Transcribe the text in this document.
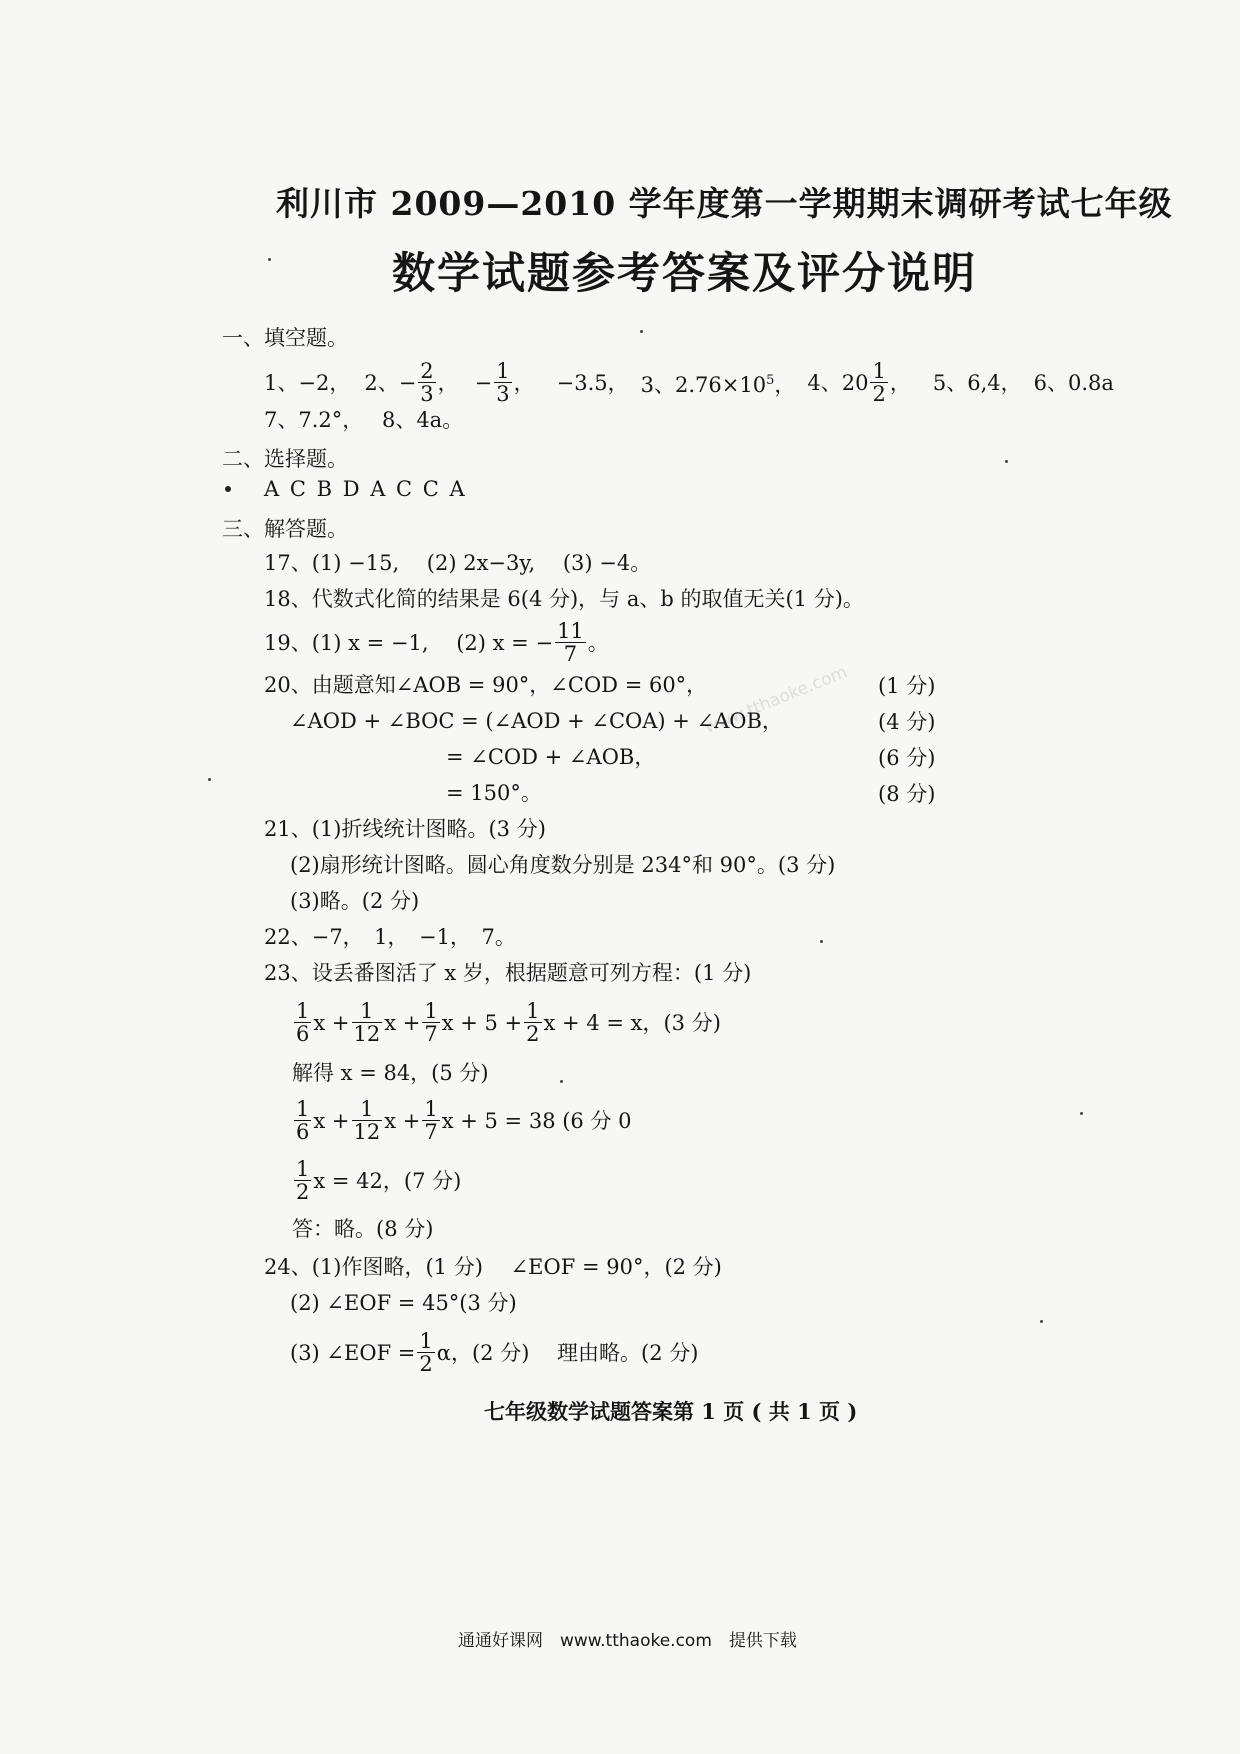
www.tthaoke.com
利川市 2009—2010 学年度第一学期期末调研考试七年级
数学试题参考答案及评分说明
一、填空题。
1、−2， 2、− $\frac{2}{3}$ ， − $\frac{1}{3}$ ， −3.5， 3、$2.76\times 10^5$， 4、$20 \frac{1}{2}$ ， 5、6,4， 6、0.8a
7、7.2°， 8、4a。
二、选择题。
A C B D A C C A
三、解答题。
17、(1) −15,　 (2) 2x−3y,　 (3) −4。
18、代数式化简的结果是 6(4 分)，与 a、b 的取值无关(1 分)。
19、(1) x = −1,　 (2) x = − $\frac{11}{7}$ 。
20、由题意知∠AOB = 90°，∠COD = 60°，	(1 分)
∠AOD + ∠BOC = (∠AOD + ∠COA) + ∠AOB，	(4 分)
= ∠COD + ∠AOB，	(6 分)
= 150°。	(8 分)
21、(1)折线统计图略。(3 分)
(2)扇形统计图略。圆心角度数分别是 234°和 90°。(3 分)
(3)略。(2 分)
22、−7，　1，　−1，　7。
23、设丢番图活了 x 岁，根据题意可列方程：(1 分)
$\frac{1}{6}$ $x + \frac{1}{12}$ $x + \frac{1}{7}$ $x + 5 + \frac{1}{2}$ x + 4 = x，(3 分)
解得 x = 84，(5 分)
$\frac{1}{6}$ $x + \frac{1}{12}$ $x + \frac{1}{7}$ x + 5 = 38 (6 分 0
$\frac{1}{2}$ x = 42，(7 分)
答：略。(8 分)
24、(1)作图略，(1 分)　 ∠EOF = 90°，(2 分)
(2) ∠EOF = 45°(3 分)
(3) ∠EOF = $\frac{1}{2}$ α，(2 分)　 理由略。(2 分)
七年级数学试题答案第 1 页 ( 共 1 页 )
通通好课网　www.tthaoke.com　提供下载
